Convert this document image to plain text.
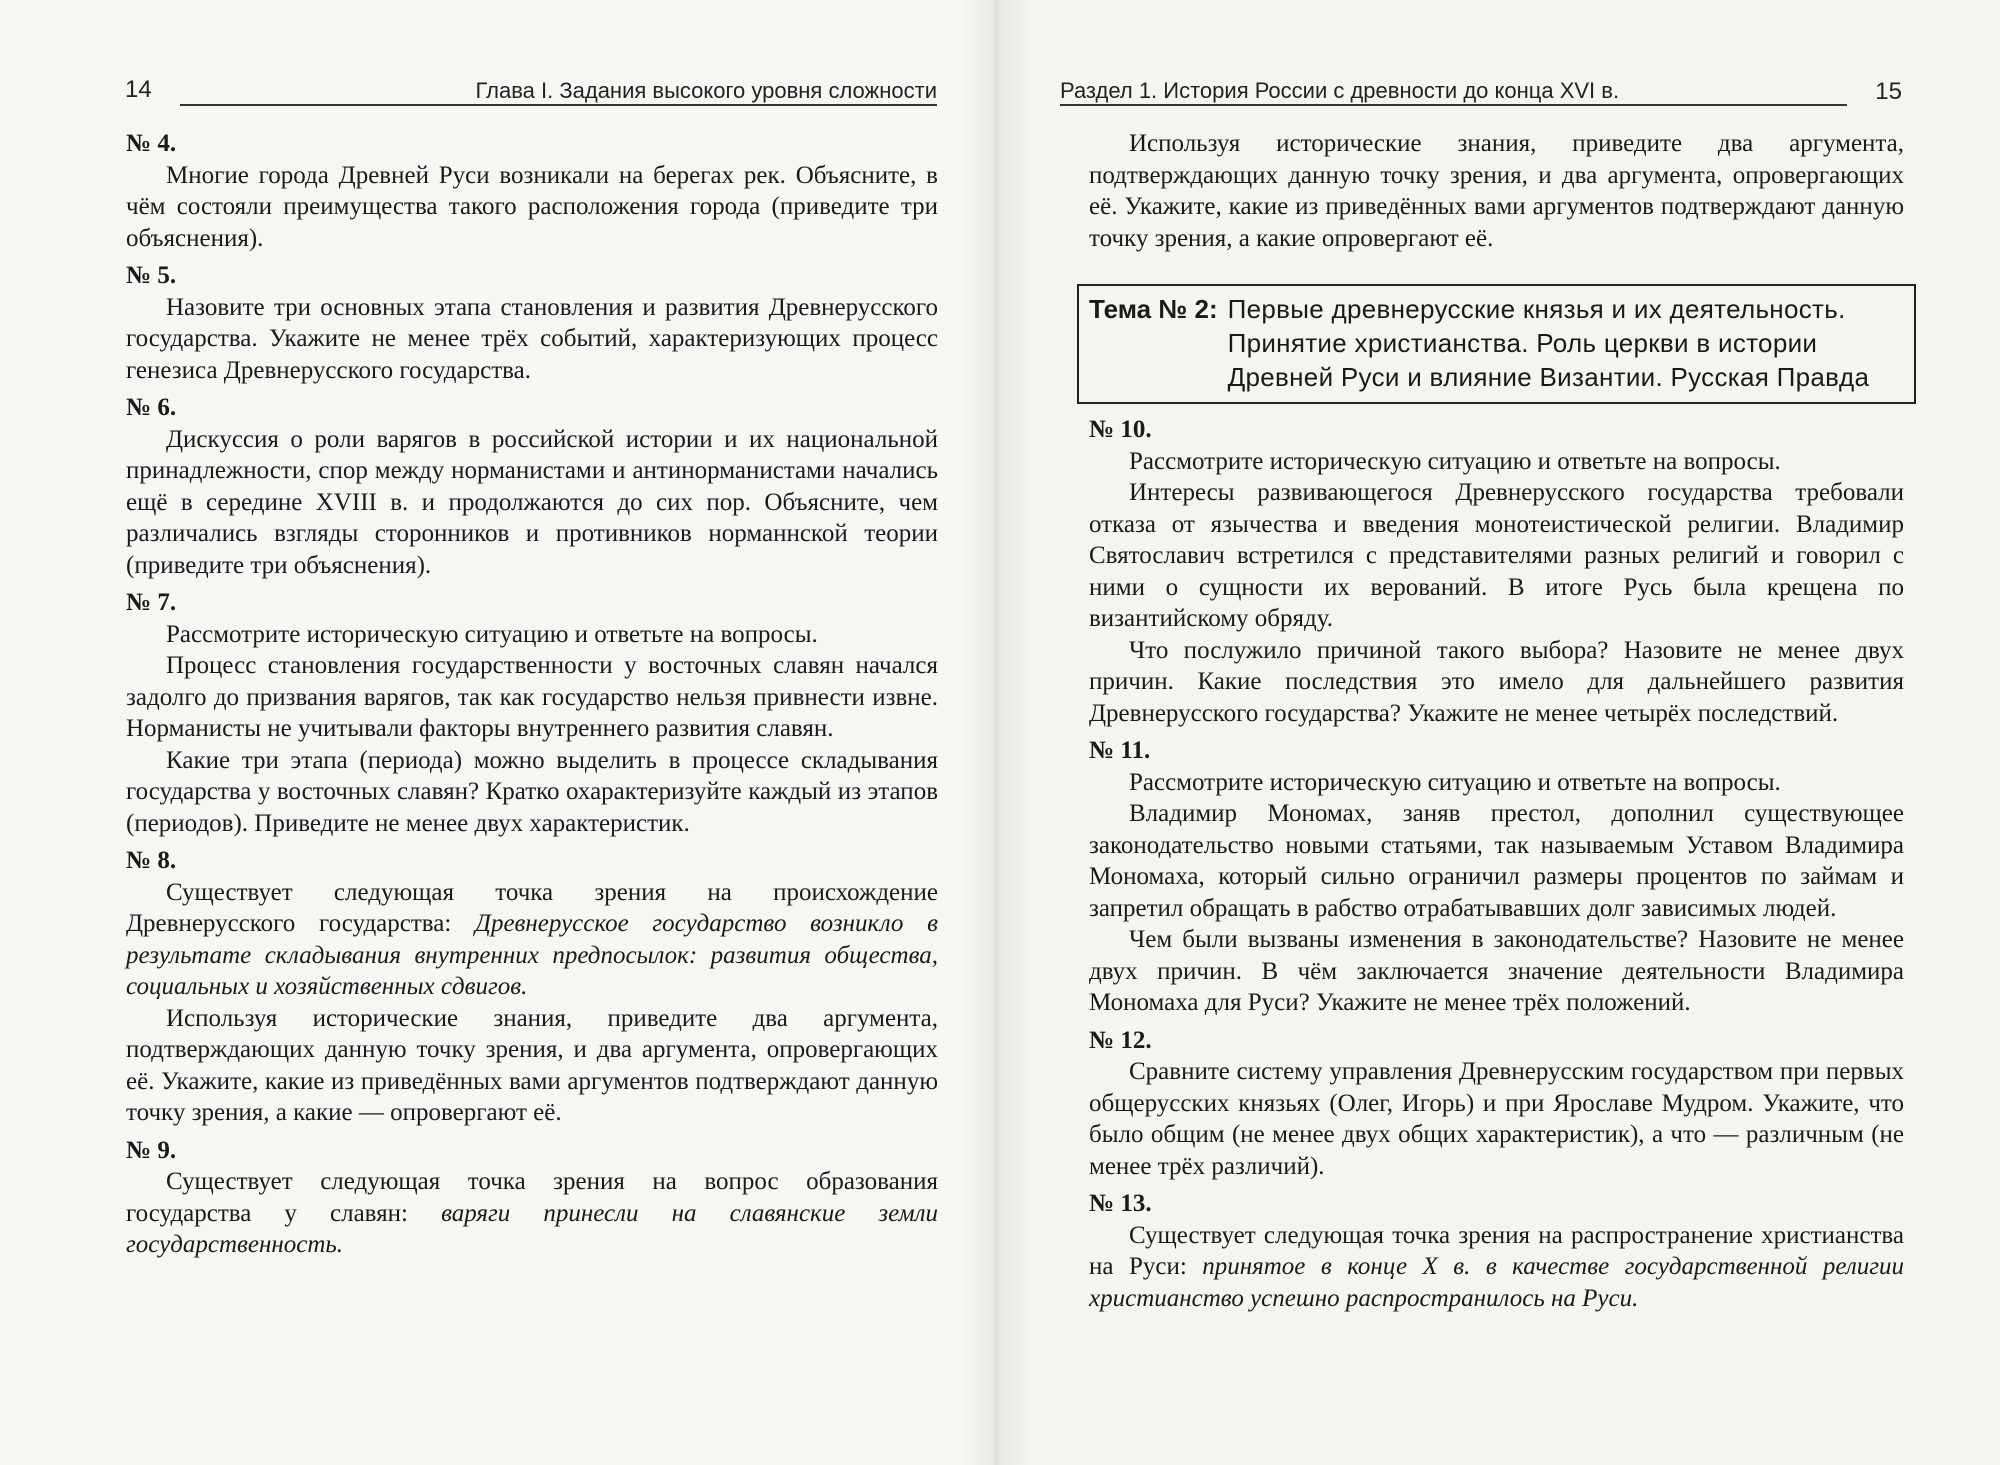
14	Глава I. Задания высокого уровня сложности

№ 4.

Многие города Древней Руси возникали на берегах рек. Объясните, в чём состояли преимущества такого расположения города (приведите три объяснения).

№ 5.

Назовите три основных этапа становления и развития Древнерусского государства. Укажите не менее трёх событий, характеризующих процесс генезиса Древнерусского государства.

№ 6.

Дискуссия о роли варягов в российской истории и их национальной принадлежности, спор между норманистами и антинорманистами начались ещё в середине XVIII в. и продолжаются до сих пор. Объясните, чем различались взгляды сторонников и противников норманнской теории (приведите три объяснения).

№ 7.

Рассмотрите историческую ситуацию и ответьте на вопросы.

Процесс становления государственности у восточных славян начался задолго до призвания варягов, так как государство нельзя привнести извне. Норманисты не учитывали факторы внутреннего развития славян.

Какие три этапа (периода) можно выделить в процессе складывания государства у восточных славян? Кратко охарактеризуйте каждый из этапов (периодов). Приведите не менее двух характеристик.

№ 8.

Существует следующая точка зрения на происхождение Древнерусского государства: Древнерусское государство возникло в результате складывания внутренних предпосылок: развития общества, социальных и хозяйственных сдвигов.

Используя исторические знания, приведите два аргумента, подтверждающих данную точку зрения, и два аргумента, опровергающих её. Укажите, какие из приведённых вами аргументов подтверждают данную точку зрения, а какие — опровергают её.

№ 9.

Существует следующая точка зрения на вопрос образования государства у славян: варяги принесли на славянские земли государственность.

Раздел 1. История России с древности до конца XVI в.	15

Используя исторические знания, приведите два аргумента, подтверждающих данную точку зрения, и два аргумента, опровергающих её. Укажите, какие из приведённых вами аргументов подтверждают данную точку зрения, а какие опровергают её.

Тема № 2: Первые древнерусские князья и их деятельность.
Принятие христианства. Роль церкви в истории
Древней Руси и влияние Византии. Русская Правда

№ 10.

Рассмотрите историческую ситуацию и ответьте на вопросы.

Интересы развивающегося Древнерусского государства требовали отказа от язычества и введения монотеистической религии. Владимир Святославич встретился с представителями разных религий и говорил с ними о сущности их верований. В итоге Русь была крещена по византийскому обряду.

Что послужило причиной такого выбора? Назовите не менее двух причин. Какие последствия это имело для дальнейшего развития Древнерусского государства? Укажите не менее четырёх последствий.

№ 11.

Рассмотрите историческую ситуацию и ответьте на вопросы.

Владимир Мономах, заняв престол, дополнил существующее законодательство новыми статьями, так называемым Уставом Владимира Мономаха, который сильно ограничил размеры процентов по займам и запретил обращать в рабство отрабатывавших долг зависимых людей.

Чем были вызваны изменения в законодательстве? Назовите не менее двух причин. В чём заключается значение деятельности Владимира Мономаха для Руси? Укажите не менее трёх положений.

№ 12.

Сравните систему управления Древнерусским государством при первых общерусских князьях (Олег, Игорь) и при Ярославе Мудром. Укажите, что было общим (не менее двух общих характеристик), а что — различным (не менее трёх различий).

№ 13.

Существует следующая точка зрения на распространение христианства на Руси: принятое в конце X в. в качестве государственной религии христианство успешно распространилось на Руси.
